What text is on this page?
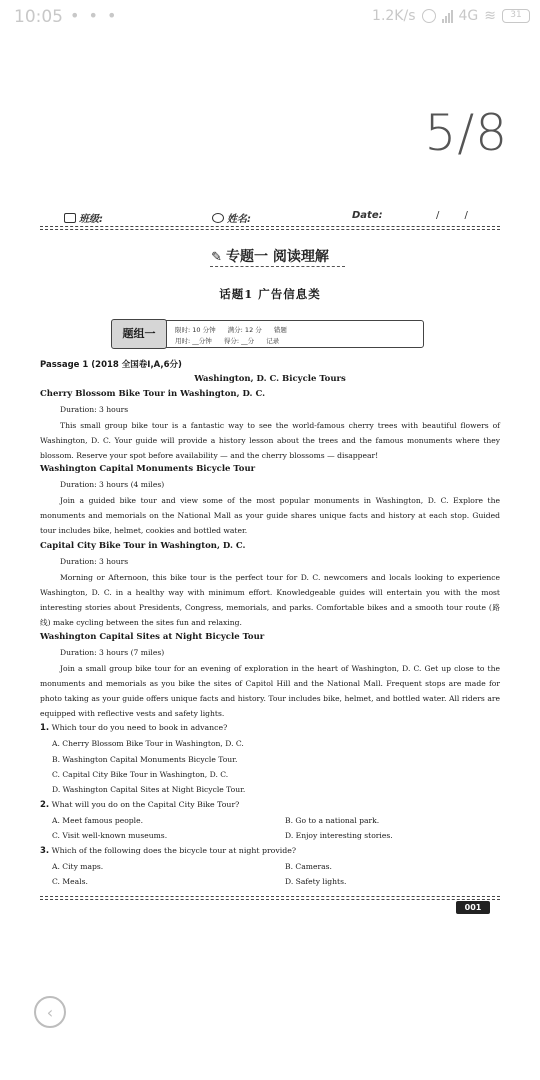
10:05 • • •	1.2K/s	4G ≋	31
5/8
班级:	姓名:	Date:	/ /
✎ 专题一 阅读理解
话题1 广告信息类
题组一	限时: 10 分钟 满分: 12 分 错题
用时: __分钟 得分: __分 记录
Passage 1 (2018 全国卷Ⅰ,A,6分)
Washington, D. C. Bicycle Tours
Cherry Blossom Bike Tour in Washington, D. C.
Duration: 3 hours
This small group bike tour is a fantastic way to see the world-famous cherry trees with beautiful flowers of Washington, D. C. Your guide will provide a history lesson about the trees and the famous monuments where they blossom. Reserve your spot before availability — and the cherry blossoms — disappear!
Washington Capital Monuments Bicycle Tour
Duration: 3 hours (4 miles)
Join a guided bike tour and view some of the most popular monuments in Washington, D. C. Explore the monuments and memorials on the National Mall as your guide shares unique facts and history at each stop. Guided tour includes bike, helmet, cookies and bottled water.
Capital City Bike Tour in Washington, D. C.
Duration: 3 hours
Morning or Afternoon, this bike tour is the perfect tour for D. C. newcomers and locals looking to experience Washington, D. C. in a healthy way with minimum effort. Knowledgeable guides will entertain you with the most interesting stories about Presidents, Congress, memorials, and parks. Comfortable bikes and a smooth tour route (路线) make cycling between the sites fun and relaxing.
Washington Capital Sites at Night Bicycle Tour
Duration: 3 hours (7 miles)
Join a small group bike tour for an evening of exploration in the heart of Washington, D. C. Get up close to the monuments and memorials as you bike the sites of Capitol Hill and the National Mall. Frequent stops are made for photo taking as your guide offers unique facts and history. Tour includes bike, helmet, and bottled water. All riders are equipped with reflective vests and safety lights.
1. Which tour do you need to book in advance?
A. Cherry Blossom Bike Tour in Washington, D. C.
B. Washington Capital Monuments Bicycle Tour.
C. Capital City Bike Tour in Washington, D. C.
D. Washington Capital Sites at Night Bicycle Tour.
2. What will you do on the Capital City Bike Tour?
A. Meet famous people.	B. Go to a national park.
C. Visit well-known museums.	D. Enjoy interesting stories.
3. Which of the following does the bicycle tour at night provide?
A. City maps.	B. Cameras.
C. Meals.	D. Safety lights.
001
‹
